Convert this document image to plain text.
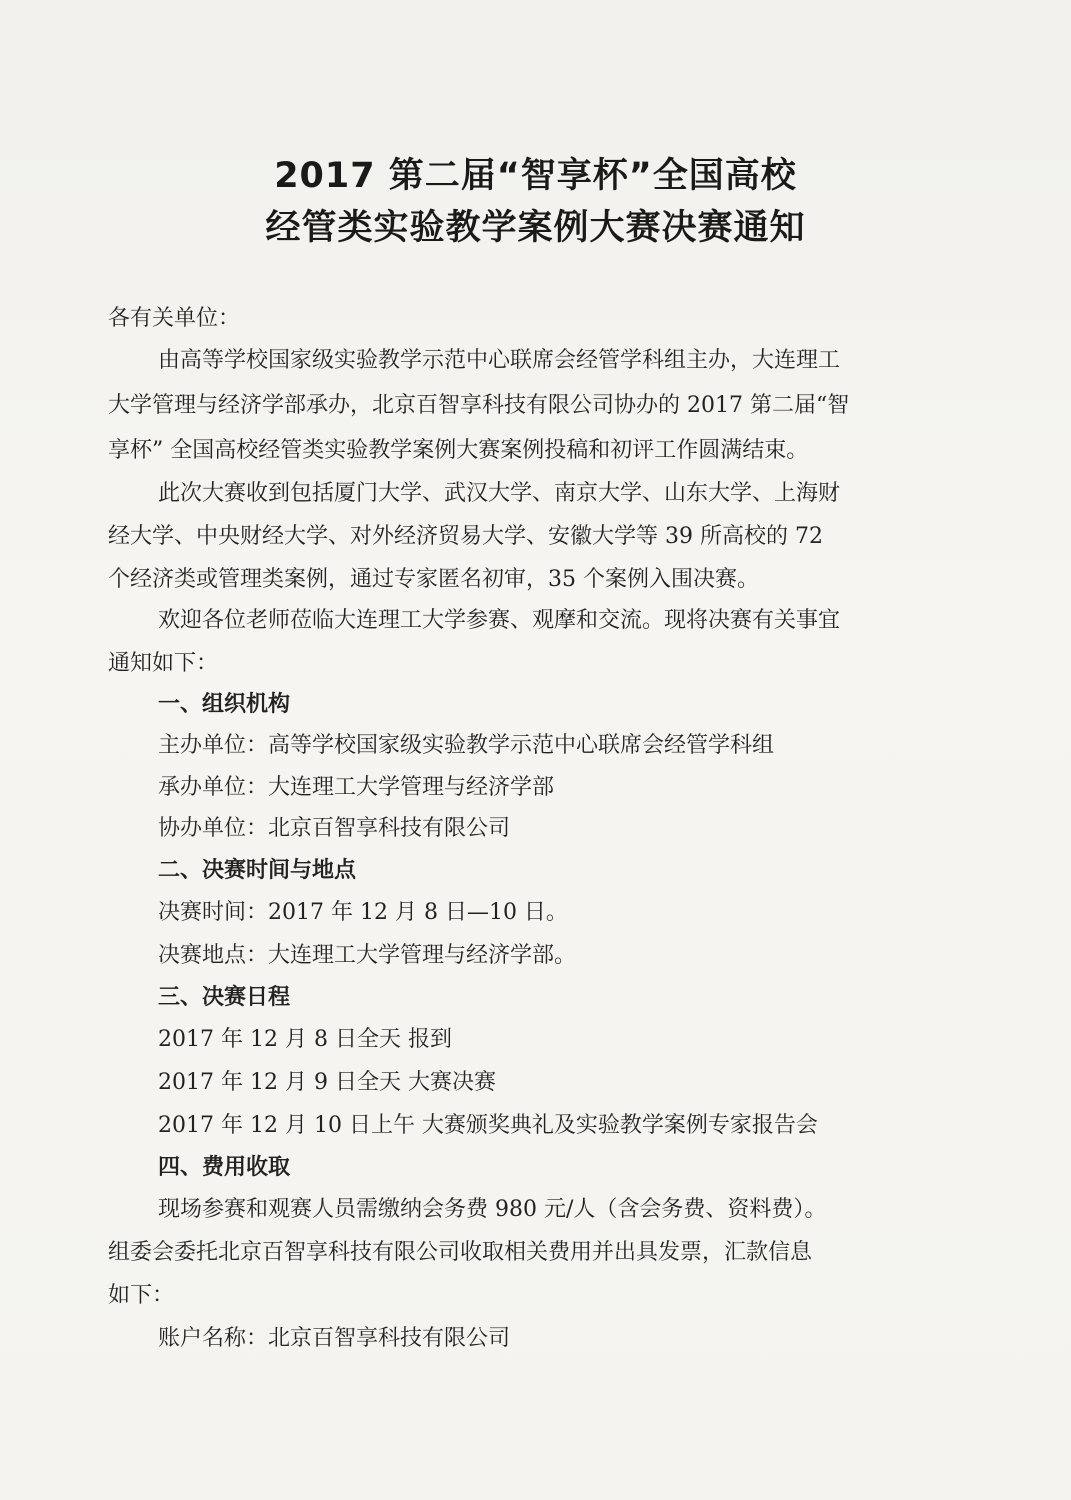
2017 第二届“智享杯”全国高校
经管类实验教学案例大赛决赛通知
各有关单位：
由高等学校国家级实验教学示范中心联席会经管学科组主办，大连理工
大学管理与经济学部承办，北京百智享科技有限公司协办的 2017 第二届“智
享杯” 全国高校经管类实验教学案例大赛案例投稿和初评工作圆满结束。
此次大赛收到包括厦门大学、武汉大学、南京大学、山东大学、上海财
经大学、中央财经大学、对外经济贸易大学、安徽大学等 39 所高校的 72
个经济类或管理类案例，通过专家匿名初审，35 个案例入围决赛。
欢迎各位老师莅临大连理工大学参赛、观摩和交流。现将决赛有关事宜
通知如下：
一、组织机构
主办单位：高等学校国家级实验教学示范中心联席会经管学科组
承办单位：大连理工大学管理与经济学部
协办单位：北京百智享科技有限公司
二、决赛时间与地点
决赛时间：2017 年 12 月 8 日—10 日。
决赛地点：大连理工大学管理与经济学部。
三、决赛日程
2017 年 12 月 8 日全天 报到
2017 年 12 月 9 日全天 大赛决赛
2017 年 12 月 10 日上午 大赛颁奖典礼及实验教学案例专家报告会
四、费用收取
现场参赛和观赛人员需缴纳会务费 980 元/人（含会务费、资料费）。
组委会委托北京百智享科技有限公司收取相关费用并出具发票，汇款信息
如下：
账户名称：北京百智享科技有限公司
